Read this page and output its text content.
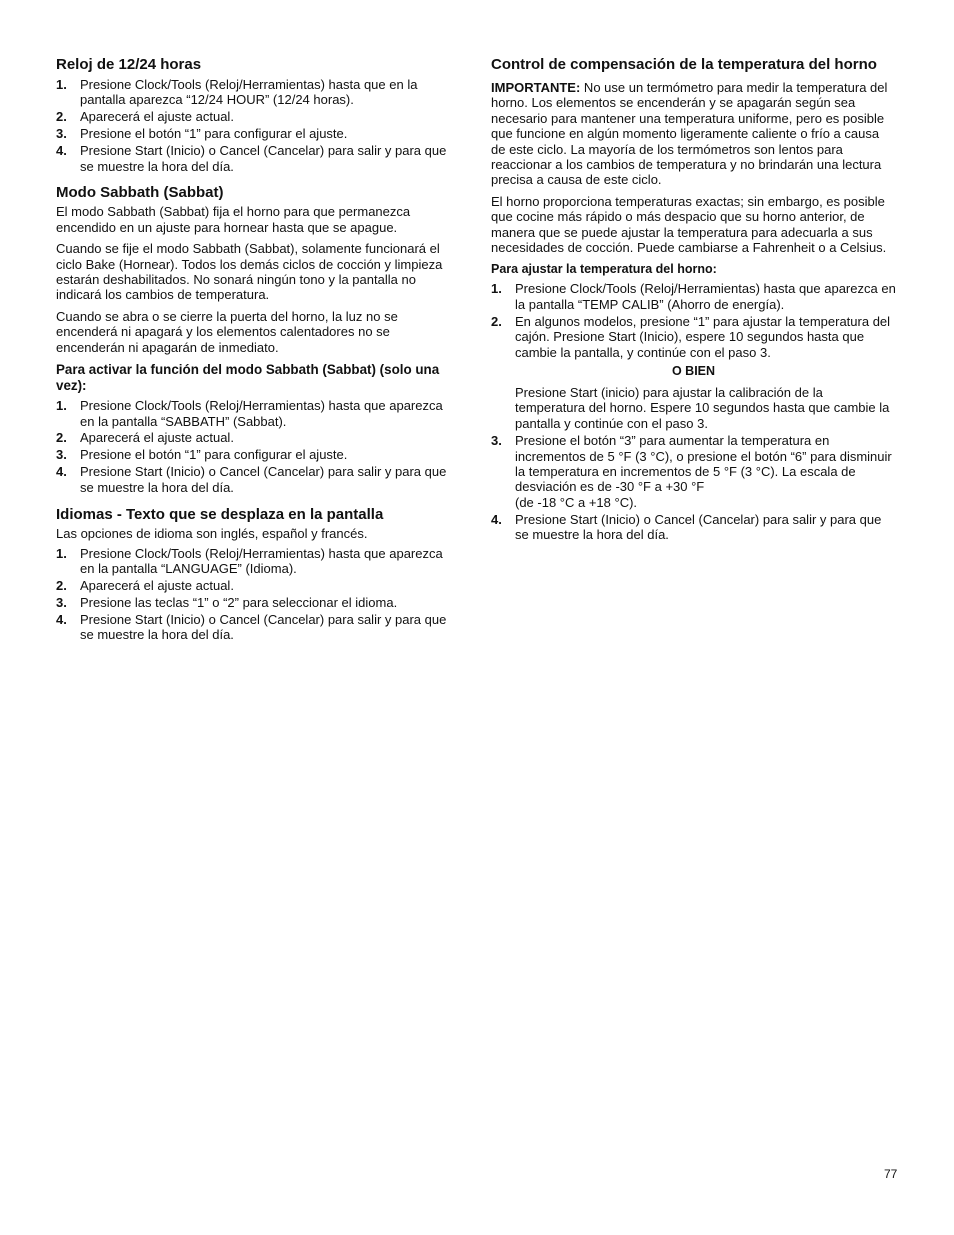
Reloj de 12/24 horas
1. Presione Clock/Tools (Reloj/Herramientas) hasta que en la pantalla aparezca “12/24 HOUR” (12/24 horas).
2. Aparecerá el ajuste actual.
3. Presione el botón “1” para configurar el ajuste.
4. Presione Start (Inicio) o Cancel (Cancelar) para salir y para que se muestre la hora del día.
Modo Sabbath (Sabbat)

El modo Sabbath (Sabbat) fija el horno para que permanezca encendido en un ajuste para hornear hasta que se apague.

Cuando se fije el modo Sabbath (Sabbat), solamente funcionará el ciclo Bake (Hornear). Todos los demás ciclos de cocción y limpieza estarán deshabilitados. No sonará ningún tono y la pantalla no indicará los cambios de temperatura.

Cuando se abra o se cierre la puerta del horno, la luz no se encenderá ni apagará y los elementos calentadores no se encenderán ni apagarán de inmediato.

Para activar la función del modo Sabbath (Sabbat) (solo una vez):
1. Presione Clock/Tools (Reloj/Herramientas) hasta que aparezca en la pantalla “SABBATH” (Sabbat).
2. Aparecerá el ajuste actual.
3. Presione el botón “1” para configurar el ajuste.
4. Presione Start (Inicio) o Cancel (Cancelar) para salir y para que se muestre la hora del día.
Idiomas - Texto que se desplaza en la pantalla

Las opciones de idioma son inglés, español y francés.

1. Presione Clock/Tools (Reloj/Herramientas) hasta que aparezca en la pantalla “LANGUAGE” (Idioma).
2. Aparecerá el ajuste actual.
3. Presione las teclas “1” o “2” para seleccionar el idioma.
4. Presione Start (Inicio) o Cancel (Cancelar) para salir y para que se muestre la hora del día.
Control de compensación de la temperatura del horno

IMPORTANTE: No use un termómetro para medir la temperatura del horno. Los elementos se encenderán y se apagarán según sea necesario para mantener una temperatura uniforme, pero es posible que funcione en algún momento ligeramente caliente o frío a causa de este ciclo. La mayoría de los termómetros son lentos para reaccionar a los cambios de temperatura y no brindarán una lectura precisa a causa de este ciclo.

El horno proporciona temperaturas exactas; sin embargo, es posible que cocine más rápido o más despacio que su horno anterior, de manera que se puede ajustar la temperatura para adecuarla a sus necesidades de cocción. Puede cambiarse a Fahrenheit o a Celsius.

Para ajustar la temperatura del horno:
1. Presione Clock/Tools (Reloj/Herramientas) hasta que aparezca en la pantalla “TEMP CALIB” (Ahorro de energía).
2. En algunos modelos, presione “1” para ajustar la temperatura del cajón. Presione Start (Inicio), espere 10 segundos hasta que cambie la pantalla, y continúe con el paso 3.
O BIEN

Presione Start (inicio) para ajustar la calibración de la temperatura del horno. Espere 10 segundos hasta que cambie la pantalla y continúe con el paso 3.

3. Presione el botón “3” para aumentar la temperatura en incrementos de 5 °F (3 °C), o presione el botón “6” para disminuir la temperatura en incrementos de 5 °F (3 °C). La escala de desviación es de -30 °F a +30 °F
(de -18 °C a +18 °C).
4. Presione Start (Inicio) o Cancel (Cancelar) para salir y para que se muestre la hora del día.
77
